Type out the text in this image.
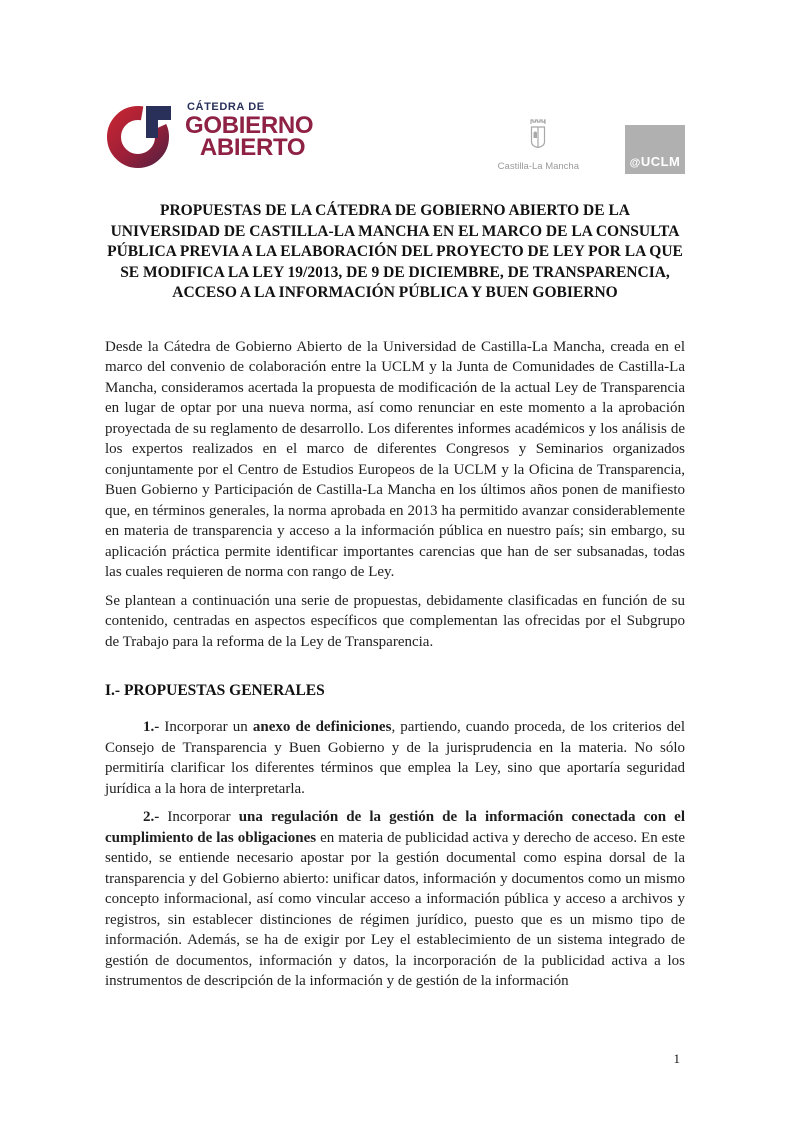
CÁTEDRA DE
GOBIERNO
ABIERTO
Castilla-La Mancha	@UCLM
PROPUESTAS DE LA CÁTEDRA DE GOBIERNO ABIERTO DE LA UNIVERSIDAD DE CASTILLA-LA MANCHA EN EL MARCO DE LA CONSULTA PÚBLICA PREVIA A LA ELABORACIÓN DEL PROYECTO DE LEY POR LA QUE SE MODIFICA LA LEY 19/2013, DE 9 DE DICIEMBRE, DE TRANSPARENCIA, ACCESO A LA INFORMACIÓN PÚBLICA Y BUEN GOBIERNO

Desde la Cátedra de Gobierno Abierto de la Universidad de Castilla-La Mancha, creada en el marco del convenio de colaboración entre la UCLM y la Junta de Comunidades de Castilla-La Mancha, consideramos acertada la propuesta de modificación de la actual Ley de Transparencia en lugar de optar por una nueva norma, así como renunciar en este momento a la aprobación proyectada de su reglamento de desarrollo. Los diferentes informes académicos y los análisis de los expertos realizados en el marco de diferentes Congresos y Seminarios organizados conjuntamente por el Centro de Estudios Europeos de la UCLM y la Oficina de Transparencia, Buen Gobierno y Participación de Castilla-La Mancha en los últimos años ponen de manifiesto que, en términos generales, la norma aprobada en 2013 ha permitido avanzar considerablemente en materia de transparencia y acceso a la información pública en nuestro país; sin embargo, su aplicación práctica permite identificar importantes carencias que han de ser subsanadas, todas las cuales requieren de norma con rango de Ley.

Se plantean a continuación una serie de propuestas, debidamente clasificadas en función de su contenido, centradas en aspectos específicos que complementan las ofrecidas por el Subgrupo de Trabajo para la reforma de la Ley de Transparencia.

I.- PROPUESTAS GENERALES

1.- Incorporar un anexo de definiciones, partiendo, cuando proceda, de los criterios del Consejo de Transparencia y Buen Gobierno y de la jurisprudencia en la materia. No sólo permitiría clarificar los diferentes términos que emplea la Ley, sino que aportaría seguridad jurídica a la hora de interpretarla.

2.- Incorporar una regulación de la gestión de la información conectada con el cumplimiento de las obligaciones en materia de publicidad activa y derecho de acceso. En este sentido, se entiende necesario apostar por la gestión documental como espina dorsal de la transparencia y del Gobierno abierto: unificar datos, información y documentos como un mismo concepto informacional, así como vincular acceso a información pública y acceso a archivos y registros, sin establecer distinciones de régimen jurídico, puesto que es un mismo tipo de información. Además, se ha de exigir por Ley el establecimiento de un sistema integrado de gestión de documentos, información y datos, la incorporación de la publicidad activa a los instrumentos de descripción de la información y de gestión de la información

1
